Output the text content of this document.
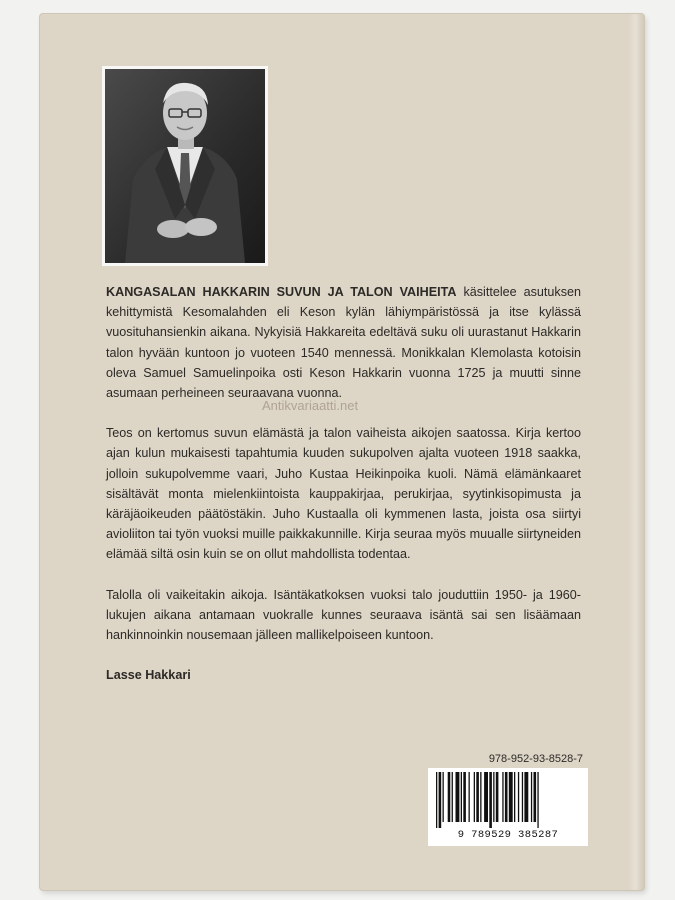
KANGASALAN HAKKARIN SUVUN JA TALON VAIHEITA käsittelee asutuksen kehittymistä Kesomalahden eli Keson kylän lähiympäristössä ja itse kylässä vuosituhansienkin aikana. Nykyisiä Hakkareita edeltävä suku oli uurastanut Hakkarin talon hyvään kuntoon jo vuoteen 1540 mennessä. Monikkalan Klemolasta kotoisin oleva Samuel Samuelinpoika osti Keson Hakkarin vuonna 1725 ja muutti sinne asumaan perheineen seuraavana vuonna.

Teos on kertomus suvun elämästä ja talon vaiheista aikojen saatossa. Kirja kertoo ajan kulun mukaisesti tapahtumia kuuden sukupolven ajalta vuoteen 1918 saakka, jolloin sukupolvemme vaari, Juho Kustaa Heikinpoika kuoli. Nämä elämänkaaret sisältävät monta mielenkiintoista kauppakirjaa, perukirjaa, syytinkisopimusta ja käräjäoikeuden päätöstäkin. Juho Kustaalla oli kymmenen lasta, joista osa siirtyi avioliiton tai työn vuoksi muille paikkakunnille. Kirja seuraa myös muualle siirtyneiden elämää siltä osin kuin se on ollut mahdollista todentaa.

Talolla oli vaikeitakin aikoja. Isäntäkatkoksen vuoksi talo jouduttiin 1950- ja 1960- lukujen aikana antamaan vuokralle kunnes seuraava isäntä sai sen lisäämaan hankinnoinkin nousemaan jälleen mallikelpoiseen kuntoon.

Lasse Hakkari
Antikvariaatti.net
978-952-93-8528-7
9 789529 385287
